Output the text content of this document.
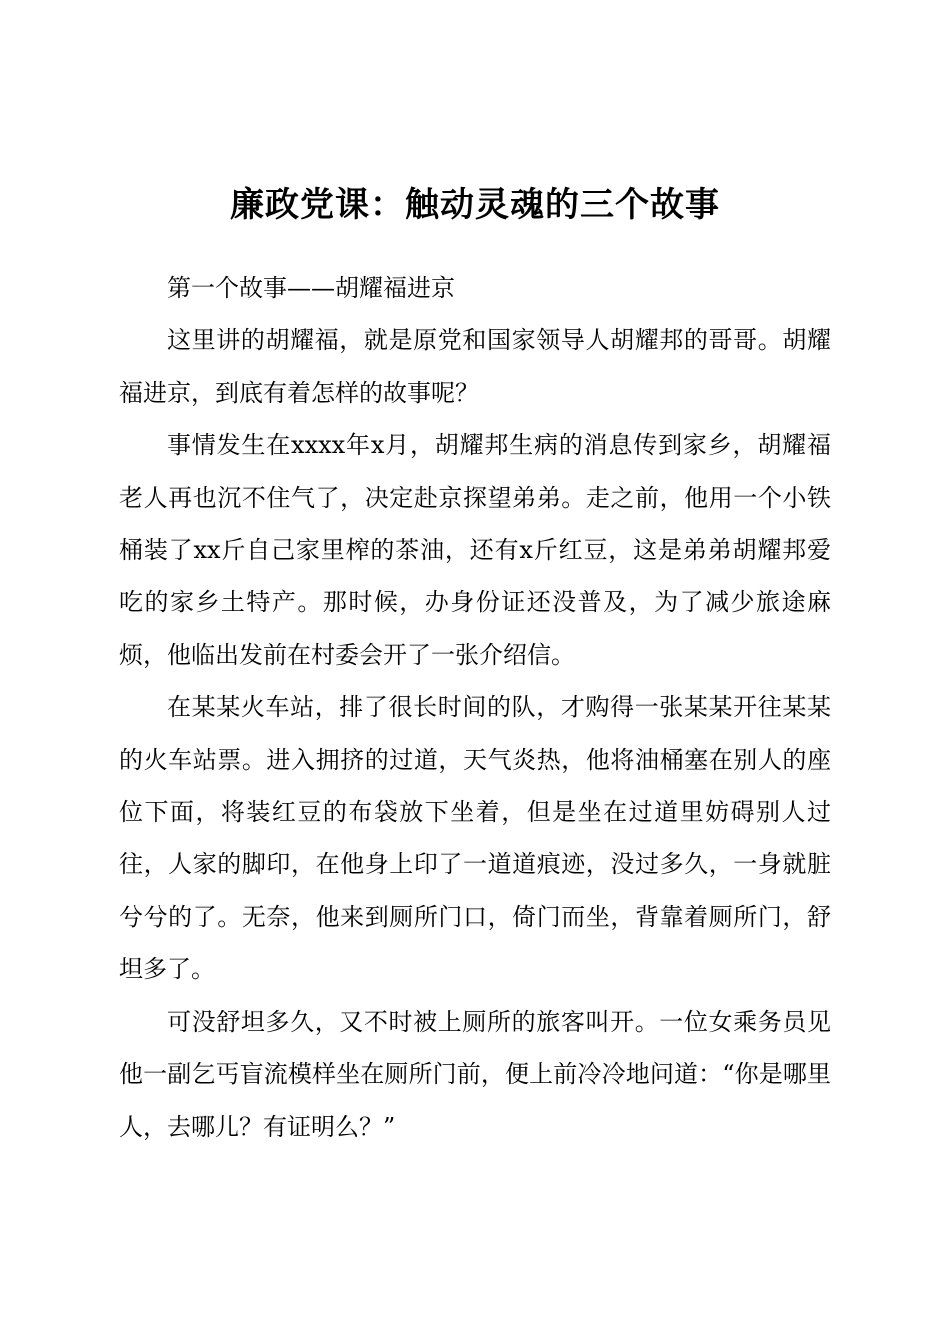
廉政党课：触动灵魂的三个故事

第一个故事——胡耀福进京

这里讲的胡耀福，就是原党和国家领导人胡耀邦的哥哥。胡耀福进京，到底有着怎样的故事呢？

事情发生在xxxx年x月，胡耀邦生病的消息传到家乡，胡耀福老人再也沉不住气了，决定赴京探望弟弟。走之前，他用一个小铁桶装了xx斤自己家里榨的茶油，还有x斤红豆，这是弟弟胡耀邦爱吃的家乡土特产。那时候，办身份证还没普及，为了减少旅途麻烦，他临出发前在村委会开了一张介绍信。

在某某火车站，排了很长时间的队，才购得一张某某开往某某的火车站票。进入拥挤的过道，天气炎热，他将油桶塞在别人的座位下面，将装红豆的布袋放下坐着，但是坐在过道里妨碍别人过往，人家的脚印，在他身上印了一道道痕迹，没过多久，一身就脏兮兮的了。无奈，他来到厕所门口，倚门而坐，背靠着厕所门，舒坦多了。

可没舒坦多久，又不时被上厕所的旅客叫开。一位女乘务员见他一副乞丐盲流模样坐在厕所门前，便上前冷冷地问道：“你是哪里人，去哪儿？有证明么？”
